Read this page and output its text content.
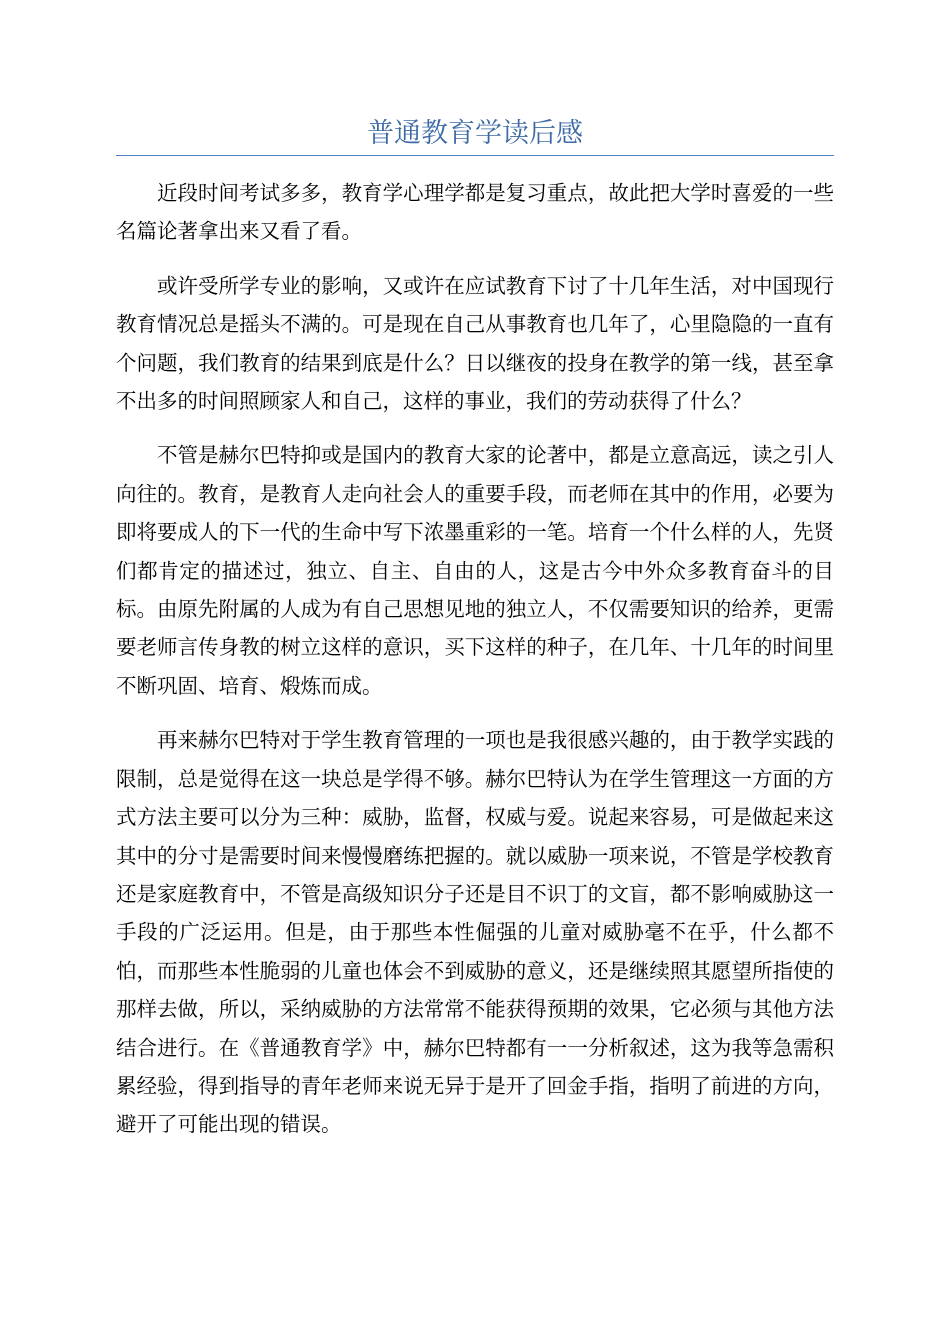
普通教育学读后感

近段时间考试多多，教育学心理学都是复习重点，故此把大学时喜爱的一些名篇论著拿出来又看了看。

或许受所学专业的影响，又或许在应试教育下讨了十几年生活，对中国现行教育情况总是摇头不满的。可是现在自己从事教育也几年了，心里隐隐的一直有个问题，我们教育的结果到底是什么？日以继夜的投身在教学的第一线，甚至拿不出多的时间照顾家人和自己，这样的事业，我们的劳动获得了什么？

不管是赫尔巴特抑或是国内的教育大家的论著中，都是立意高远，读之引人向往的。教育，是教育人走向社会人的重要手段，而老师在其中的作用，必要为即将要成人的下一代的生命中写下浓墨重彩的一笔。培育一个什么样的人，先贤们都肯定的描述过，独立、自主、自由的人，这是古今中外众多教育奋斗的目标。由原先附属的人成为有自己思想见地的独立人，不仅需要知识的给养，更需要老师言传身教的树立这样的意识，买下这样的种子，在几年、十几年的时间里不断巩固、培育、煅炼而成。

再来赫尔巴特对于学生教育管理的一项也是我很感兴趣的，由于教学实践的限制，总是觉得在这一块总是学得不够。赫尔巴特认为在学生管理这一方面的方式方法主要可以分为三种：威胁，监督，权威与爱。说起来容易，可是做起来这其中的分寸是需要时间来慢慢磨练把握的。就以威胁一项来说，不管是学校教育还是家庭教育中，不管是高级知识分子还是目不识丁的文盲，都不影响威胁这一手段的广泛运用。但是，由于那些本性倔强的儿童对威胁毫不在乎，什么都不怕，而那些本性脆弱的儿童也体会不到威胁的意义，还是继续照其愿望所指使的那样去做，所以，采纳威胁的方法常常不能获得预期的效果，它必须与其他方法结合进行。在《普通教育学》中，赫尔巴特都有一一分析叙述，这为我等急需积累经验，得到指导的青年老师来说无异于是开了回金手指，指明了前进的方向，避开了可能出现的错误。
